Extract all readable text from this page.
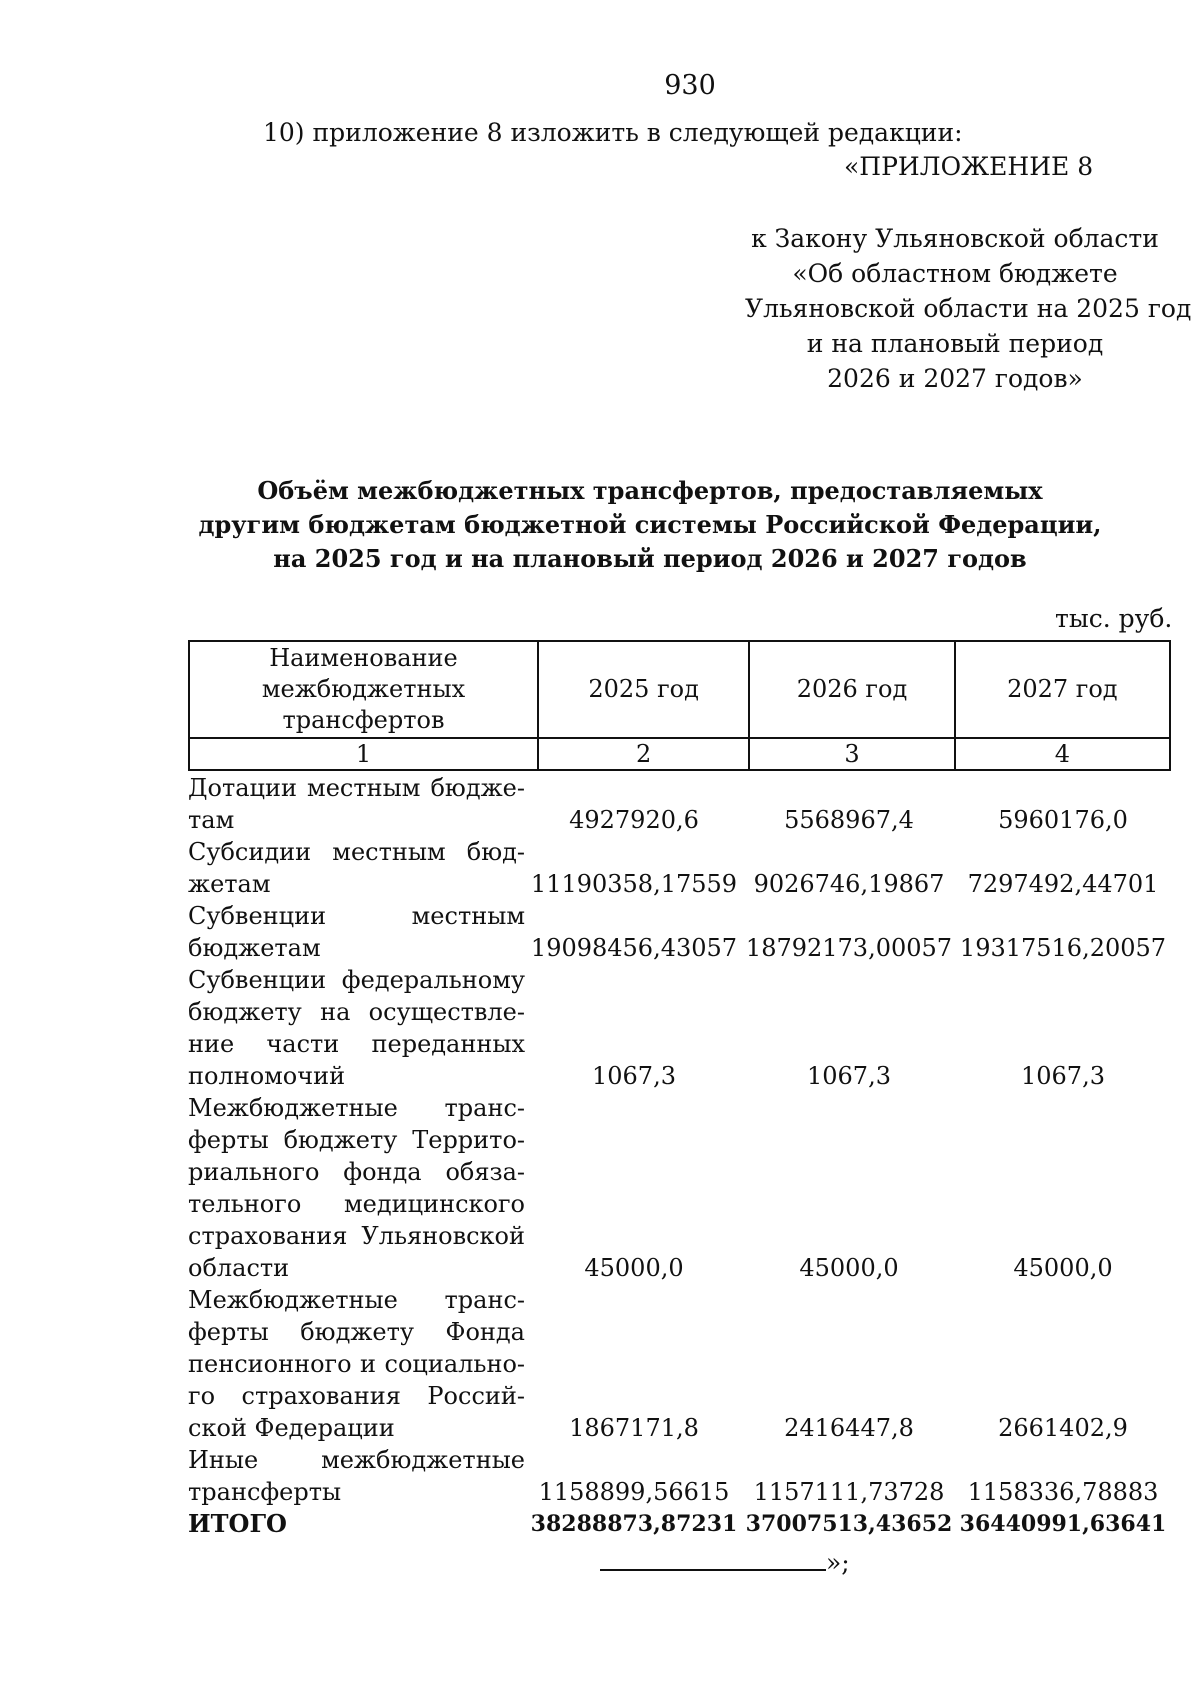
930
10) приложение 8 изложить в следующей редакции:
«ПРИЛОЖЕНИЕ 8
к Закону Ульяновской области
«Об областном бюджете
Ульяновской области на 2025 год
и на плановый период
2026 и 2027 годов»
Объём межбюджетных трансфертов, предоставляемых
другим бюджетам бюджетной системы Российской Федерации,
на 2025 год и на плановый период 2026 и 2027 годов
тыс. руб.
Наименование межбюджетных трансфертов	2025 год	2026 год	2027 год
1	2	3	4
Дотации местным бюдже-там	4927920,6	5568967,4	5960176,0
Субсидии местным бюд-жетам	11190358,17559 9026746,19867 7297492,44701
Субвенции местным бюджетам	19098456,43057 18792173,00057 19317516,20057
Субвенции федеральному бюджету на осуществле-ние части переданных полномочий	1067,3	1067,3	1067,3
Межбюджетные транс-ферты бюджету Террито-риального фонда обяза-тельного медицинского страхования Ульяновской области	45000,0	45000,0	45000,0
Межбюджетные транс-ферты бюджету Фонда пенсионного и социально-го страхования Россий-ской Федерации	1867171,8	2416447,8	2661402,9
Иные межбюджетные трансферты	1158899,56615	1157111,73728 1158336,78883
ИТОГО	38288873,87231 37007513,43652 36440991,63641
»;
